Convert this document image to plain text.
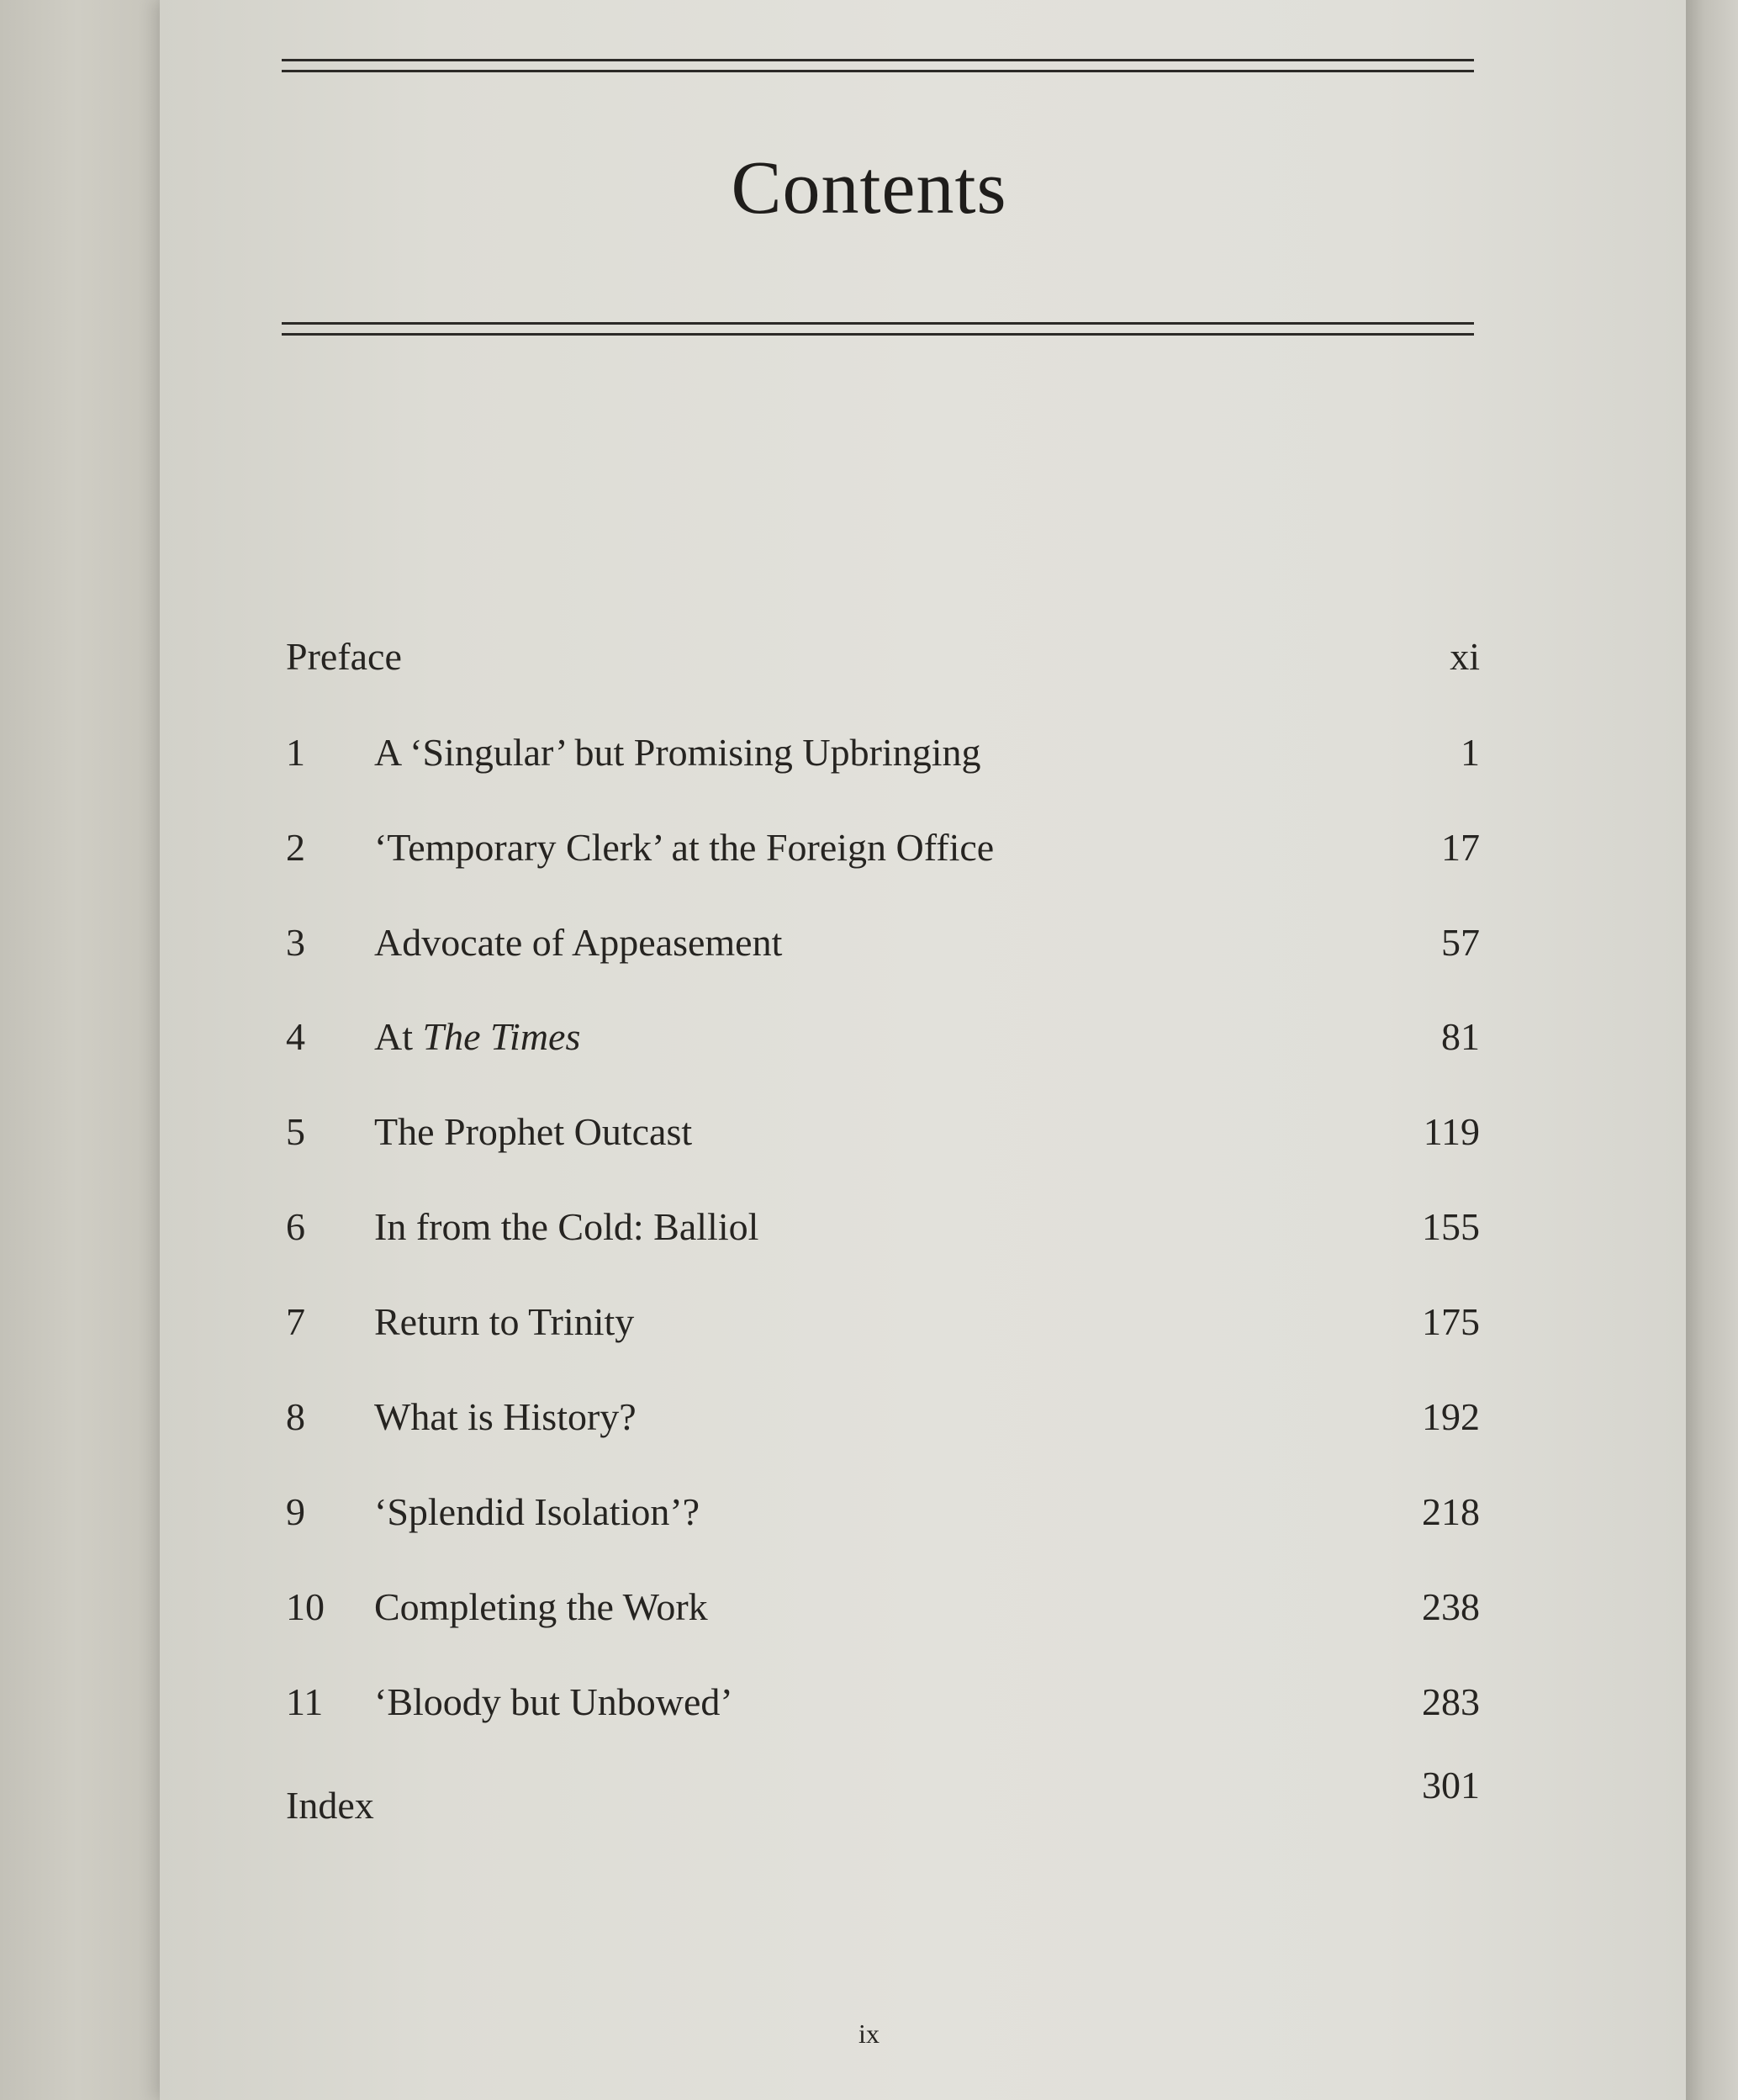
Contents
Preface	xi
1	A ‘Singular’ but Promising Upbringing	1
2	‘Temporary Clerk’ at the Foreign Office	17
3	Advocate of Appeasement	57
4	At The Times	81
5	The Prophet Outcast	119
6	In from the Cold: Balliol	155
7	Return to Trinity	175
8	What is History?	192
9	‘Splendid Isolation’?	218
10	Completing the Work	238
11	‘Bloody but Unbowed’	283
Index	301
ix
